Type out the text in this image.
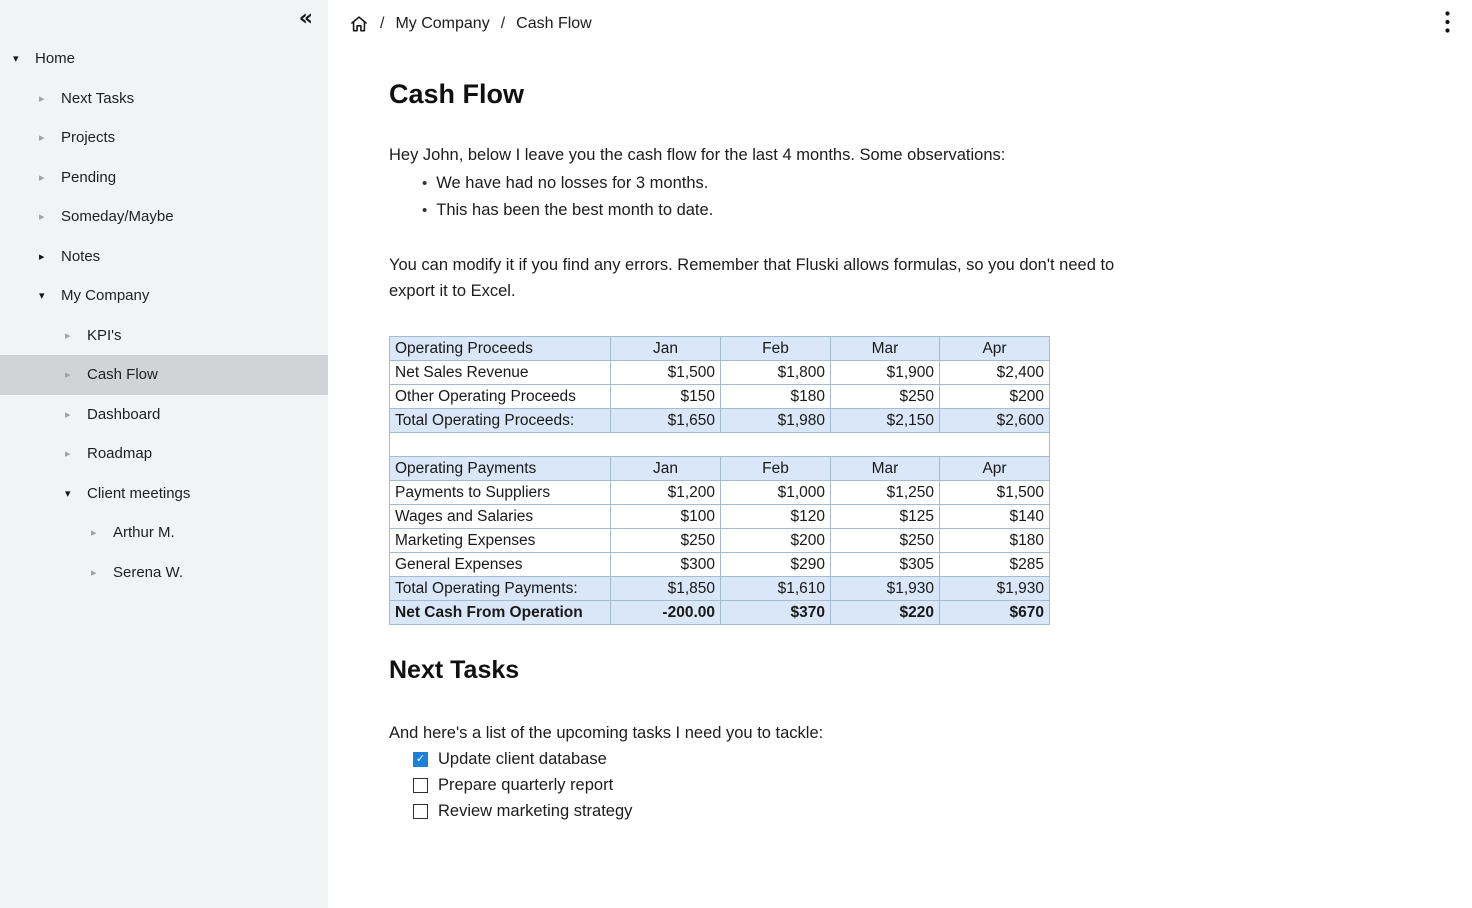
«
▾	Home
▸	Next Tasks
▸	Projects
▸	Pending
▸	Someday/Maybe
▸	Notes
▾	My Company
▸	KPI's
▸	Cash Flow
▸	Dashboard
▸	Roadmap
▾	Client meetings
▸	Arthur M.
▸	Serena W.
/ My Company / Cash Flow
Cash Flow

Hey John, below I leave you the cash flow for the last 4 months. Some observations:

• We have had no losses for 3 months.
• This has been the best month to date.

You can modify it if you find any errors. Remember that Fluski allows formulas, so you don't need to export it to Excel.

Operating Proceeds	Jan	Feb	Mar	Apr
Net Sales Revenue	$1,500	$1,800	$1,900	$2,400
Other Operating Proceeds	$150	$180	$250	$200
Total Operating Proceeds:	$1,650	$1,980	$2,150	$2,600

Operating Payments	Jan	Feb	Mar	Apr
Payments to Suppliers	$1,200	$1,000	$1,250	$1,500
Wages and Salaries	$100	$120	$125	$140
Marketing Expenses	$250	$200	$250	$180
General Expenses	$300	$290	$305	$285
Total Operating Payments:	$1,850	$1,610	$1,930	$1,930
Net Cash From Operation	-200.00	$370	$220	$670
Next Tasks

And here's a list of the upcoming tasks I need you to tackle:

✓ Update client database
Prepare quarterly report
Review marketing strategy
